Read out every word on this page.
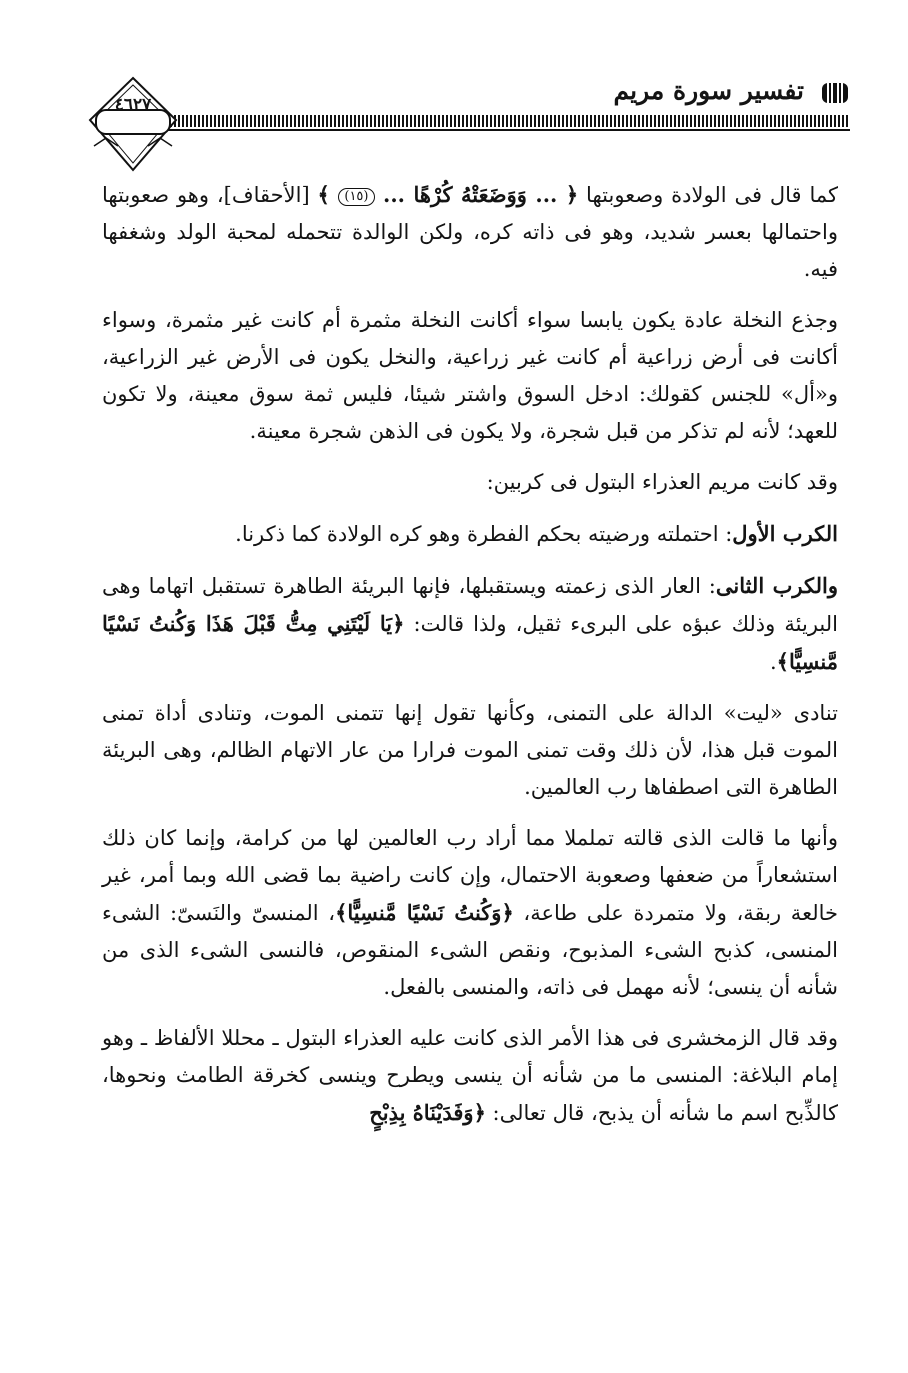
تفسير سورة مريم
٤٦٢٧

كما قال فى الولادة وصعوبتها ﴿ ... وَوَضَعَتْهُ كُرْهًا ... (١٥) ﴾ [الأحقاف]، وهو صعوبتها واحتمالها بعسر شديد، وهو فى ذاته كره، ولكن الوالدة تتحمله لمحبة الولد وشغفها فيه.

وجذع النخلة عادة يكون يابسا سواء أكانت النخلة مثمرة أم كانت غير مثمرة، وسواء أكانت فى أرض زراعية أم كانت غير زراعية، والنخل يكون فى الأرض غير الزراعية، و«أل» للجنس كقولك: ادخل السوق واشتر شيئا، فليس ثمة سوق معينة، ولا تكون للعهد؛ لأنه لم تذكر من قبل شجرة، ولا يكون فى الذهن شجرة معينة.

وقد كانت مريم العذراء البتول فى كربين:

الكرب الأول: احتملته ورضيته بحكم الفطرة وهو كره الولادة كما ذكرنا.

والكرب الثانى: العار الذى زعمته ويستقبلها، فإنها البريئة الطاهرة تستقبل اتهاما وهى البريئة وذلك عبؤه على البرىء ثقيل، ولذا قالت: ﴿يَا لَيْتَنِي مِتُّ قَبْلَ هَذَا وَكُنتُ نَسْيًا مَّنسِيًّا﴾.

تنادى «ليت» الدالة على التمنى، وكأنها تقول إنها تتمنى الموت، وتنادى أداة تمنى الموت قبل هذا، لأن ذلك وقت تمنى الموت فرارا من عار الاتهام الظالم، وهى البريئة الطاهرة التى اصطفاها رب العالمين.

وأنها ما قالت الذى قالته تململا مما أراد رب العالمين لها من كرامة، وإنما كان ذلك استشعاراً من ضعفها وصعوبة الاحتمال، وإن كانت راضية بما قضى الله وبما أمر، غير خالعة ربقة، ولا متمردة على طاعة، ﴿وَكُنتُ نَسْيًا مَّنسِيًّا﴾، المنسىّ والنَسىّ: الشىء المنسى، كذبح الشىء المذبوح، ونقص الشىء المنقوص، فالنسى الشىء الذى من شأنه أن ينسى؛ لأنه مهمل فى ذاته، والمنسى بالفعل.

وقد قال الزمخشرى فى هذا الأمر الذى كانت عليه العذراء البتول ـ محللا الألفاظ ـ وهو إمام البلاغة: المنسى ما من شأنه أن ينسى ويطرح وينسى كخرقة الطامث ونحوها، كالذِّبح اسم ما شأنه أن يذبح، قال تعالى: ﴿وَفَدَيْنَاهُ بِذِبْحٍ
